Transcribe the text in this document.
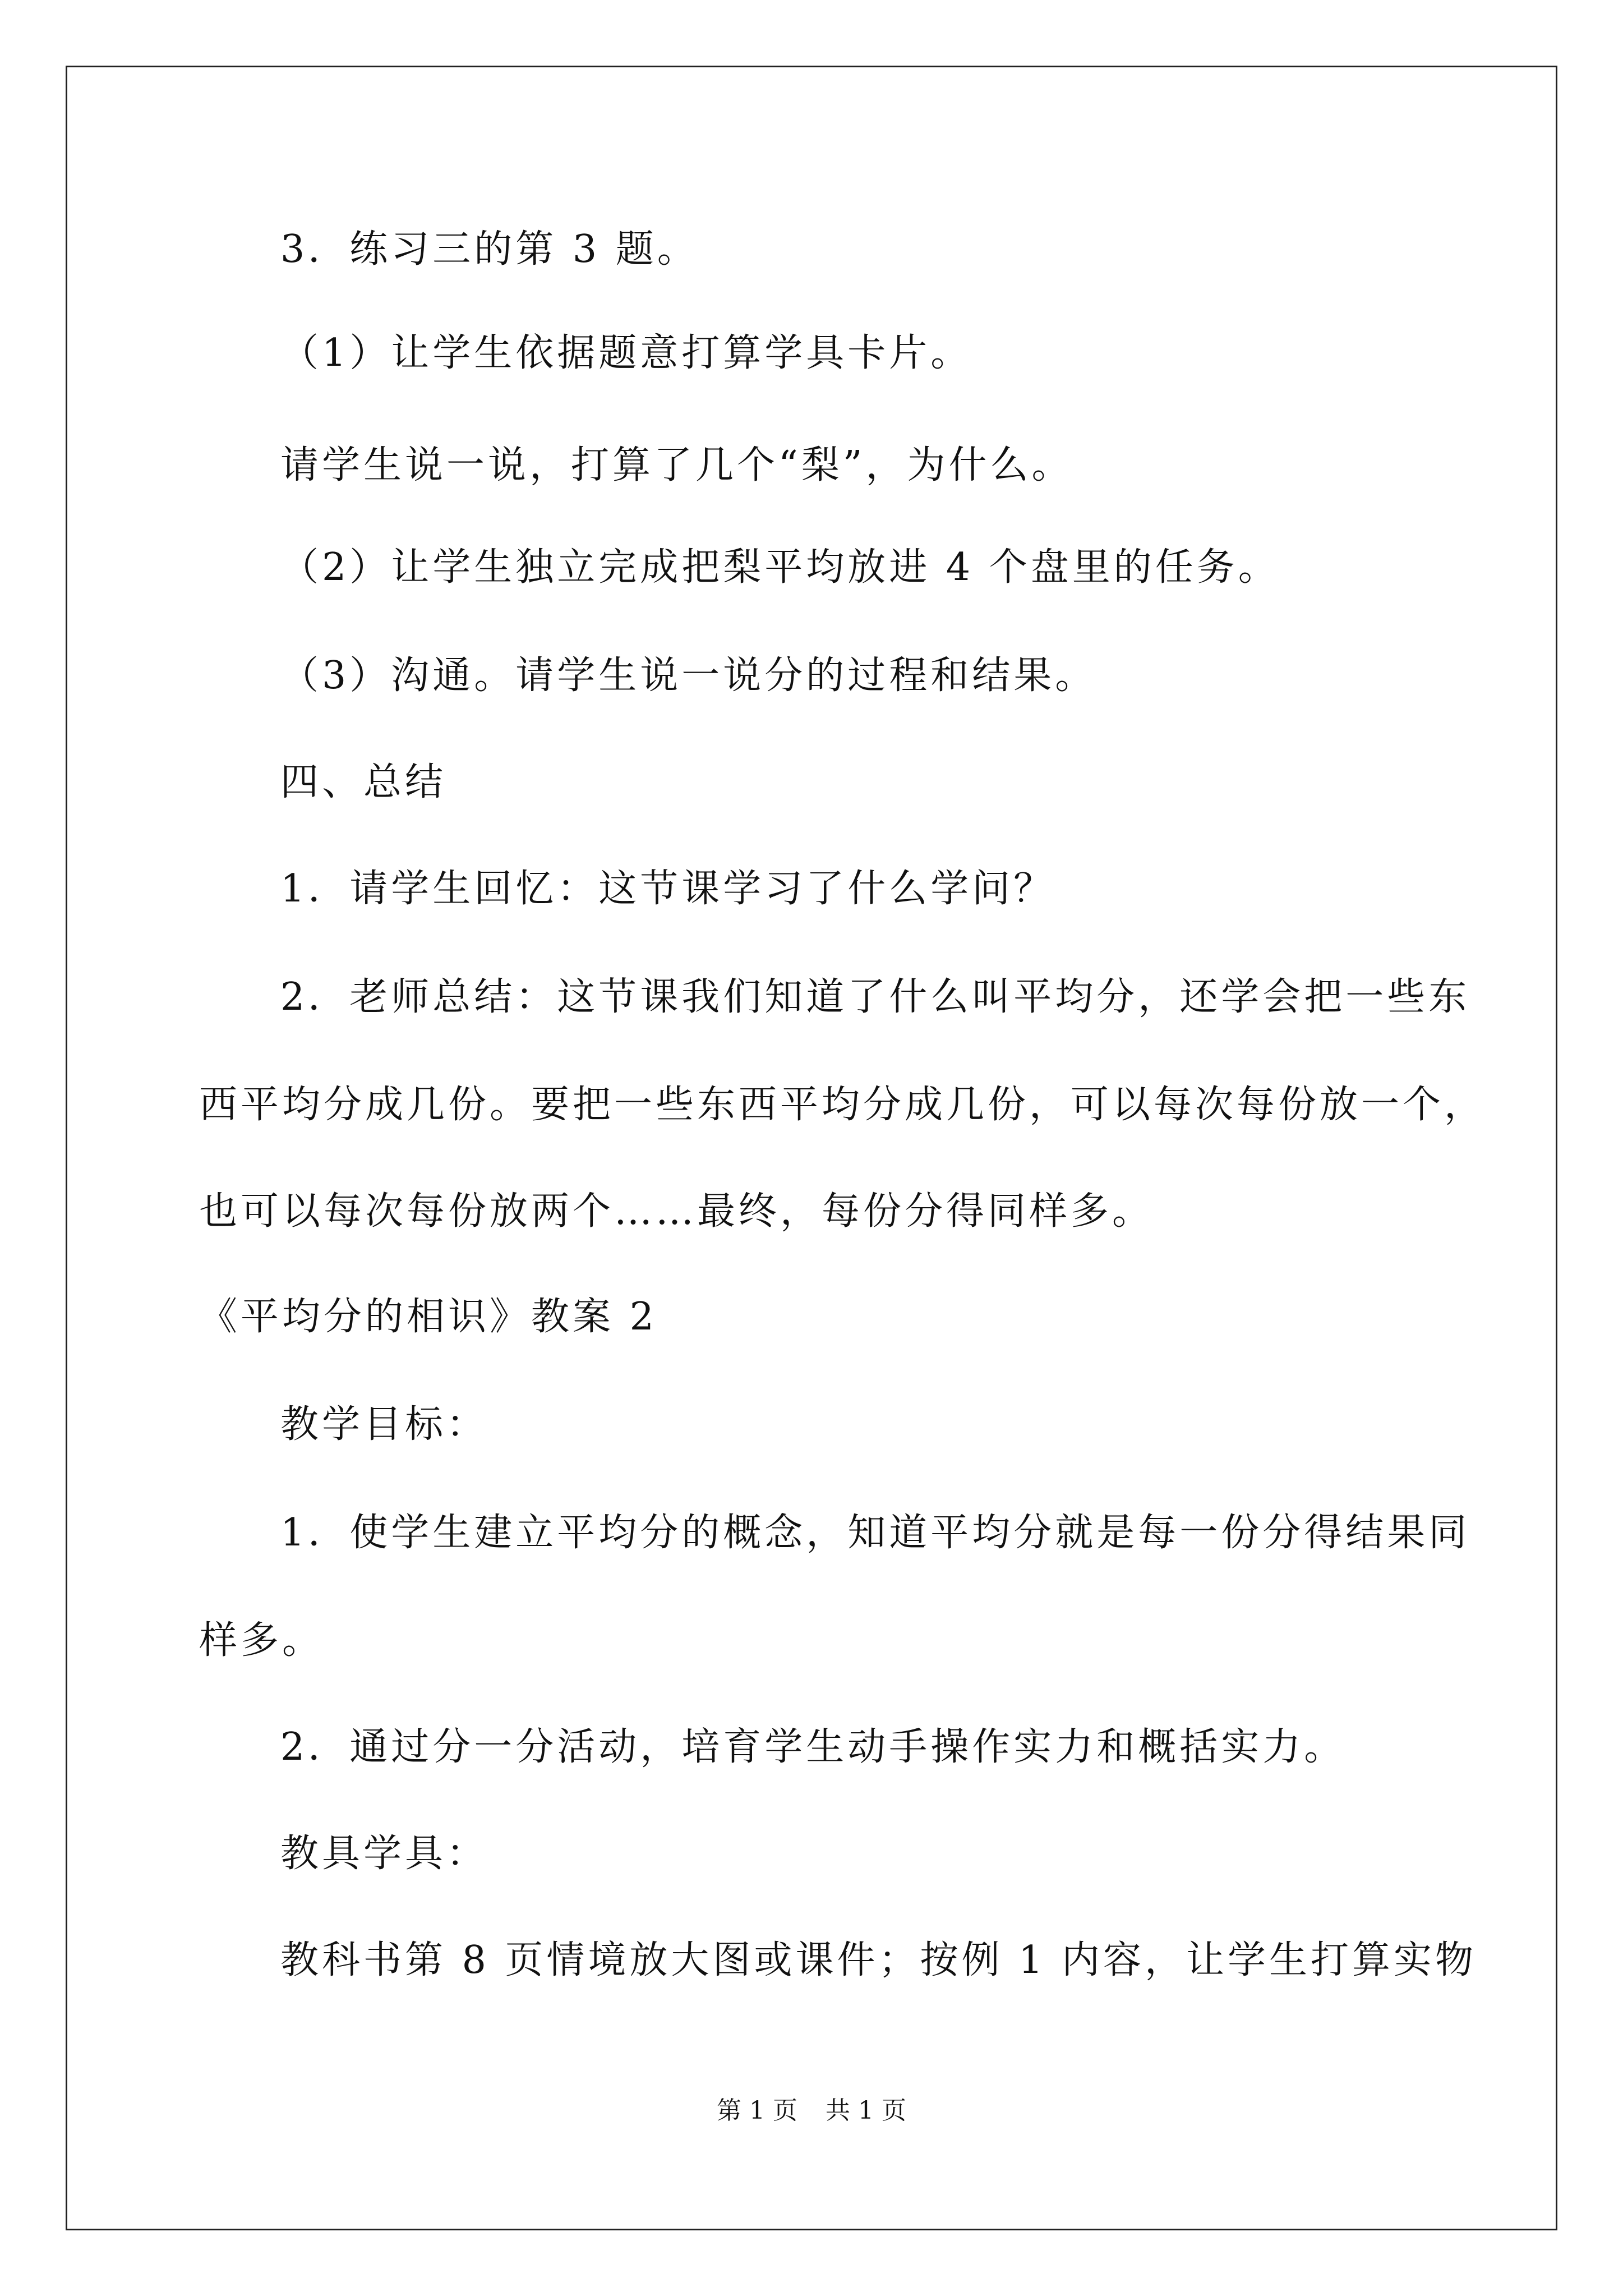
3．练习三的第 3 题。
（1）让学生依据题意打算学具卡片。
请学生说一说，打算了几个“梨”，为什么。
（2）让学生独立完成把梨平均放进 4 个盘里的任务。
（3）沟通。请学生说一说分的过程和结果。
四、总结
1．请学生回忆：这节课学习了什么学问？
2．老师总结：这节课我们知道了什么叫平均分，还学会把一些东
西平均分成几份。要把一些东西平均分成几份，可以每次每份放一个，
也可以每次每份放两个……最终，每份分得同样多。
《平均分的相识》教案 2
教学目标：
1．使学生建立平均分的概念，知道平均分就是每一份分得结果同
样多。
2．通过分一分活动，培育学生动手操作实力和概括实力。
教具学具：
教科书第 8 页情境放大图或课件；按例 1 内容，让学生打算实物
第 1 页 共 1 页
